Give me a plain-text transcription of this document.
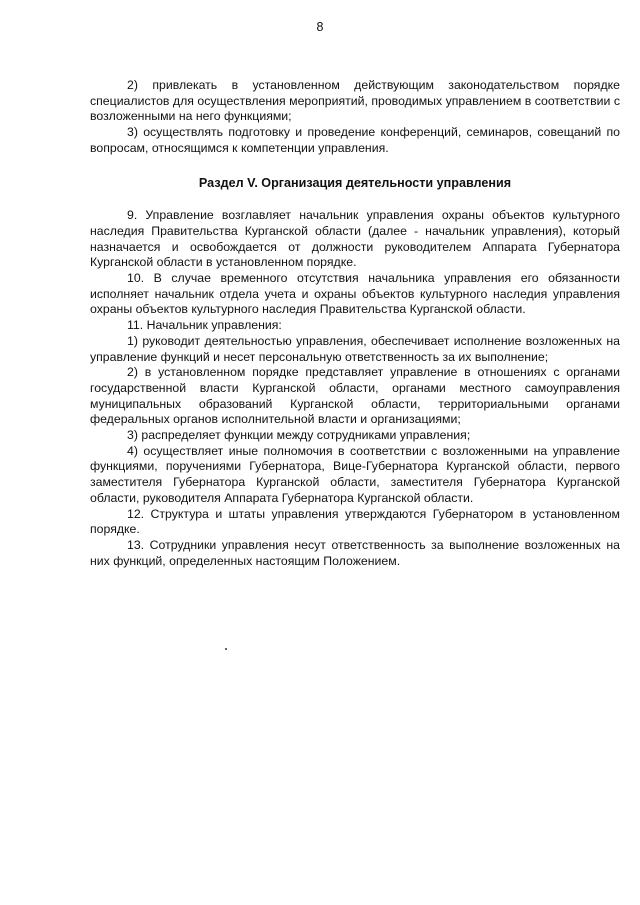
8

2) привлекать в установленном действующим законодательством порядке специалистов для осуществления мероприятий, проводимых управлением в соответствии с возложенными на него функциями;

3) осуществлять подготовку и проведение конференций, семинаров, совещаний по вопросам, относящимся к компетенции управления.

Раздел V. Организация деятельности управления

9. Управление возглавляет начальник управления охраны объектов культурного наследия Правительства Курганской области (далее - начальник управления), который назначается и освобождается от должности руководителем Аппарата Губернатора Курганской области в установленном порядке.

10. В случае временного отсутствия начальника управления его обязанности исполняет начальник отдела учета и охраны объектов культурного наследия управления охраны объектов культурного наследия Правительства Курганской области.

11. Начальник управления:

1) руководит деятельностью управления, обеспечивает исполнение возложенных на управление функций и несет персональную ответственность за их выполнение;

2) в установленном порядке представляет управление в отношениях с органами государственной власти Курганской области, органами местного самоуправления муниципальных образований Курганской области, территориальными органами федеральных органов исполнительной власти и организациями;

3) распределяет функции между сотрудниками управления;

4) осуществляет иные полномочия в соответствии с возложенными на управление функциями, поручениями Губернатора, Вице-Губернатора Курганской области, первого заместителя Губернатора Курганской области, заместителя Губернатора Курганской области, руководителя Аппарата Губернатора Курганской области.

12. Структура и штаты управления утверждаются Губернатором в установленном порядке.

13. Сотрудники управления несут ответственность за выполнение возложенных на них функций, определенных настоящим Положением.
